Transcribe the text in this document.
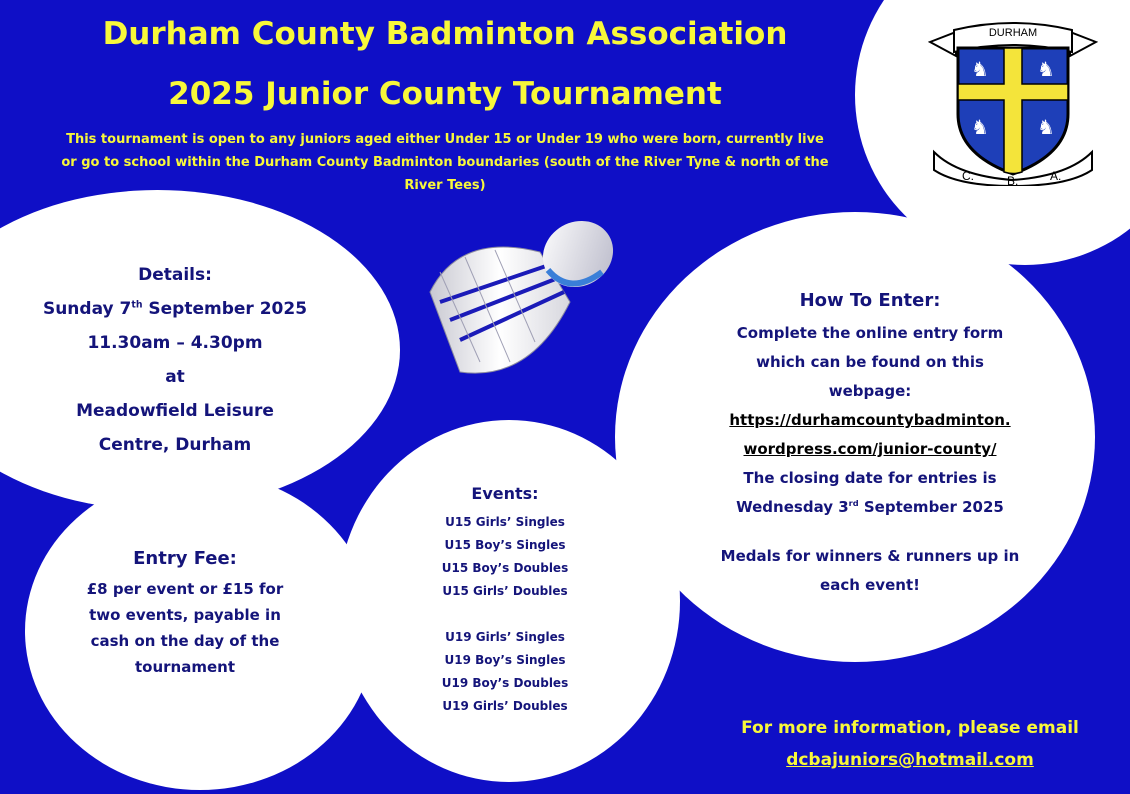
Durham County Badminton Association
2025 Junior County Tournament
This tournament is open to any juniors aged either Under 15 or Under 19 who were born, currently live or go to school within the Durham County Badminton boundaries (south of the River Tyne & north of the River Tees)
DURHAM
♞ ♞
♞ ♞
C.	B.	A.
Details:
Sunday 7th September 2025
11.30am – 4.30pm
at
Meadowfield Leisure
Centre, Durham
Entry Fee:
£8 per event or £15 for
two events, payable in
cash on the day of the
tournament
Events:
U15 Girls’ Singles
U15 Boy’s Singles
U15 Boy’s Doubles
U15 Girls’ Doubles
U19 Girls’ Singles
U19 Boy’s Singles
U19 Boy’s Doubles
U19 Girls’ Doubles
How To Enter:
Complete the online entry form
which can be found on this
webpage:
https://durhamcountybadminton.
wordpress.com/junior-county/
The closing date for entries is
Wednesday 3rd September 2025
Medals for winners & runners up in
each event!
For more information, please email
dcbajuniors@hotmail.com
